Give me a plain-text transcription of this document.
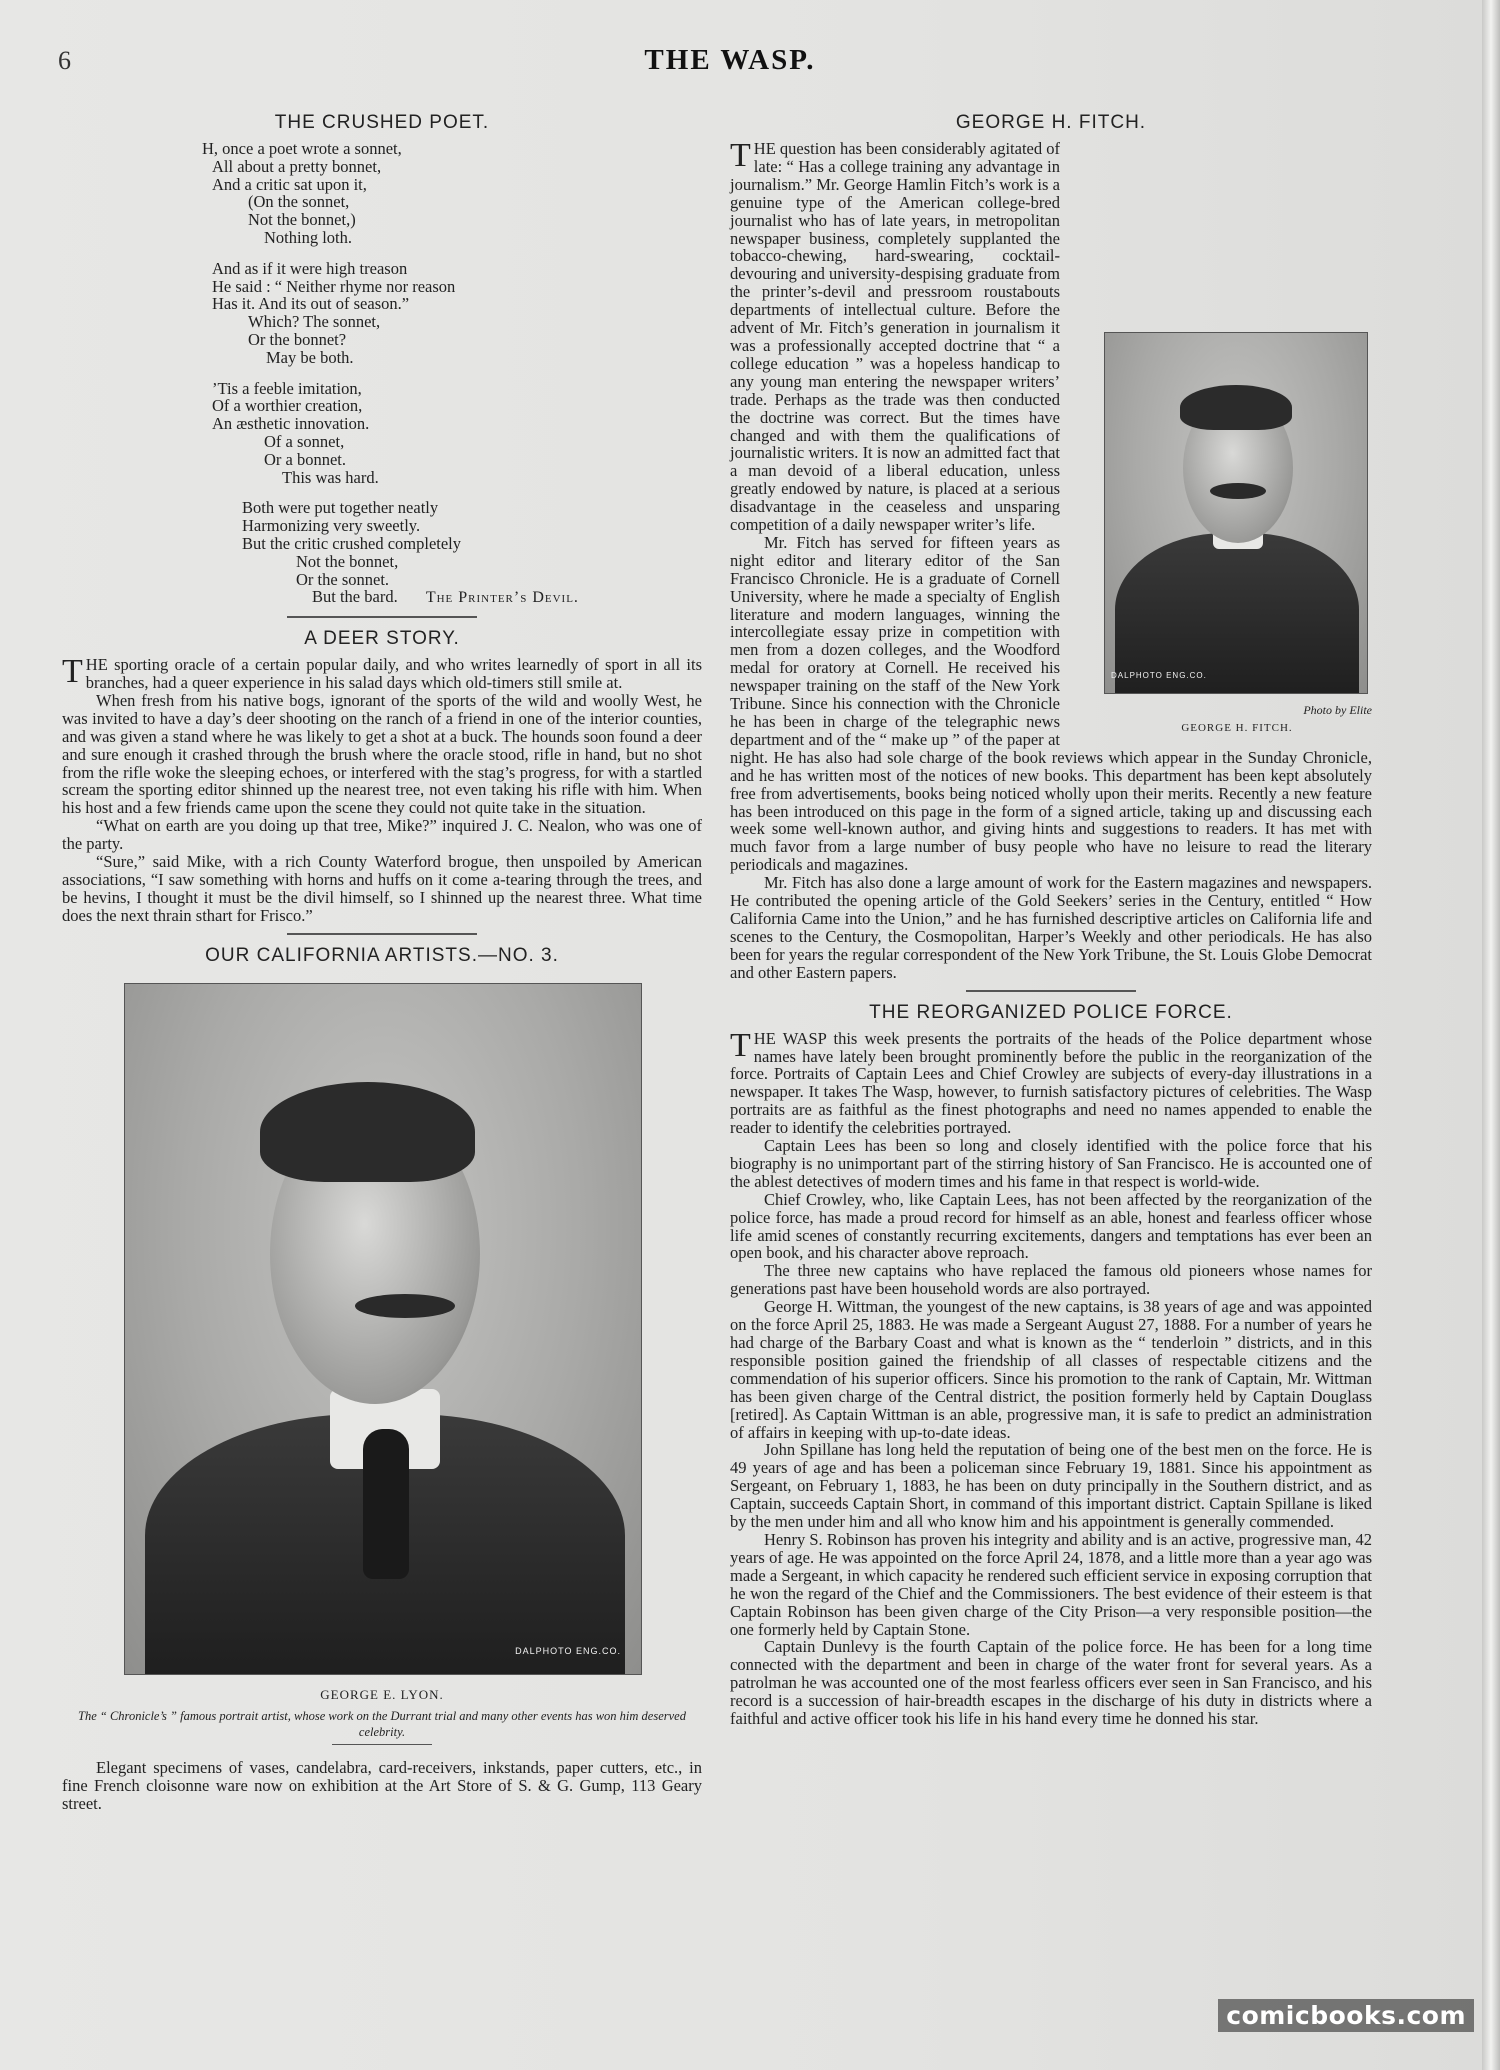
6	THE WASP.
THE CRUSHED POET.
H, once a poet wrote a sonnet,
All about a pretty bonnet,
And a critic sat upon it,
(On the sonnet,
Not the bonnet,)
Nothing loth.
And as if it were high treason
He said : “ Neither rhyme nor reason
Has it. And its out of season.”
Which? The sonnet,
Or the bonnet?
May be both.
’Tis a feeble imitation,
Of a worthier creation,
An æsthetic innovation.
Of a sonnet,
Or a bonnet.
This was hard.
Both were put together neatly
Harmonizing very sweetly.
But the critic crushed completely
Not the bonnet,
Or the sonnet.
But the bard. The Printer’s Devil.
A DEER STORY.

THE sporting oracle of a certain popular daily, and who writes learnedly of sport in all its branches, had a queer experience in his salad days which old-timers still smile at.

When fresh from his native bogs, ignorant of the sports of the wild and woolly West, he was invited to have a day’s deer shooting on the ranch of a friend in one of the interior counties, and was given a stand where he was likely to get a shot at a buck. The hounds soon found a deer and sure enough it crashed through the brush where the oracle stood, rifle in hand, but no shot from the rifle woke the sleeping echoes, or interfered with the stag’s progress, for with a startled scream the sporting editor shinned up the nearest tree, not even taking his rifle with him. When his host and a few friends came upon the scene they could not quite take in the situation.

“What on earth are you doing up that tree, Mike?” inquired J. C. Nealon, who was one of the party.

“Sure,” said Mike, with a rich County Waterford brogue, then unspoiled by American associations, “I saw something with horns and huffs on it come a-tearing through the trees, and be hevins, I thought it must be the divil himself, so I shinned up the nearest three. What time does the next thrain sthart for Frisco.”

OUR CALIFORNIA ARTISTS.—NO. 3.
DALPHOTO ENG.CO.
GEORGE E. LYON.
The “ Chronicle’s ” famous portrait artist, whose work on the Durrant trial and many other events has won him deserved celebrity.

Elegant specimens of vases, candelabra, card-receivers, inkstands, paper cutters, etc., in fine French cloisonne ware now on exhibition at the Art Store of S. & G. Gump, 113 Geary street.

GEORGE H. FITCH.
DALPHOTO ENG.CO.
Photo by Elite
GEORGE H. FITCH.

THE question has been considerably agitated of late: “ Has a college training any advantage in journalism.” Mr. George Hamlin Fitch’s work is a genuine type of the American college-bred journalist who has of late years, in metropolitan newspaper business, completely supplanted the tobacco-chewing, hard-swearing, cocktail-devouring and university-despising graduate from the printer’s-devil and pressroom roustabouts departments of intellectual culture. Before the advent of Mr. Fitch’s generation in journalism it was a professionally accepted doctrine that “ a college education ” was a hopeless handicap to any young man entering the newspaper writers’ trade. Perhaps as the trade was then conducted the doctrine was correct. But the times have changed and with them the qualifications of journalistic writers. It is now an admitted fact that a man devoid of a liberal education, unless greatly endowed by nature, is placed at a serious disadvantage in the ceaseless and unsparing competition of a daily newspaper writer’s life.

Mr. Fitch has served for fifteen years as night editor and literary editor of the San Francisco Chronicle. He is a graduate of Cornell University, where he made a specialty of English literature and modern languages, winning the intercollegiate essay prize in competition with men from a dozen colleges, and the Woodford medal for oratory at Cornell. He received his newspaper training on the staff of the New York Tribune. Since his connection with the Chronicle he has been in charge of the telegraphic news department and of the “ make up ” of the paper at night. He has also had sole charge of the book reviews which appear in the Sunday Chronicle, and he has written most of the notices of new books. This department has been kept absolutely free from advertisements, books being noticed wholly upon their merits. Recently a new feature has been introduced on this page in the form of a signed article, taking up and discussing each week some well-known author, and giving hints and suggestions to readers. It has met with much favor from a large number of busy people who have no leisure to read the literary periodicals and magazines.

Mr. Fitch has also done a large amount of work for the Eastern magazines and newspapers. He contributed the opening article of the Gold Seekers’ series in the Century, entitled “ How California Came into the Union,” and he has furnished descriptive articles on California life and scenes to the Century, the Cosmopolitan, Harper’s Weekly and other periodicals. He has also been for years the regular correspondent of the New York Tribune, the St. Louis Globe Democrat and other Eastern papers.

THE REORGANIZED POLICE FORCE.

THE WASP this week presents the portraits of the heads of the Police department whose names have lately been brought prominently before the public in the reorganization of the force. Portraits of Captain Lees and Chief Crowley are subjects of every-day illustrations in a newspaper. It takes The Wasp, however, to furnish satisfactory pictures of celebrities. The Wasp portraits are as faithful as the finest photographs and need no names appended to enable the reader to identify the celebrities portrayed.

Captain Lees has been so long and closely identified with the police force that his biography is no unimportant part of the stirring history of San Francisco. He is accounted one of the ablest detectives of modern times and his fame in that respect is world-wide.

Chief Crowley, who, like Captain Lees, has not been affected by the reorganization of the police force, has made a proud record for himself as an able, honest and fearless officer whose life amid scenes of constantly recurring excitements, dangers and temptations has ever been an open book, and his character above reproach.

The three new captains who have replaced the famous old pioneers whose names for generations past have been household words are also portrayed.

George H. Wittman, the youngest of the new captains, is 38 years of age and was appointed on the force April 25, 1883. He was made a Sergeant August 27, 1888. For a number of years he had charge of the Barbary Coast and what is known as the “ tenderloin ” districts, and in this responsible position gained the friendship of all classes of respectable citizens and the commendation of his superior officers. Since his promotion to the rank of Captain, Mr. Wittman has been given charge of the Central district, the position formerly held by Captain Douglass [retired]. As Captain Wittman is an able, progressive man, it is safe to predict an administration of affairs in keeping with up-to-date ideas.

John Spillane has long held the reputation of being one of the best men on the force. He is 49 years of age and has been a policeman since February 19, 1881. Since his appointment as Sergeant, on February 1, 1883, he has been on duty principally in the Southern district, and as Captain, succeeds Captain Short, in command of this important district. Captain Spillane is liked by the men under him and all who know him and his appointment is generally commended.

Henry S. Robinson has proven his integrity and ability and is an active, progressive man, 42 years of age. He was appointed on the force April 24, 1878, and a little more than a year ago was made a Sergeant, in which capacity he rendered such efficient service in exposing corruption that he won the regard of the Chief and the Commissioners. The best evidence of their esteem is that Captain Robinson has been given charge of the City Prison—a very responsible position—the one formerly held by Captain Stone.

Captain Dunlevy is the fourth Captain of the police force. He has been for a long time connected with the department and been in charge of the water front for several years. As a patrolman he was accounted one of the most fearless officers ever seen in San Francisco, and his record is a succession of hair-breadth escapes in the discharge of his duty in districts where a faithful and active officer took his life in his hand every time he donned his star.

comicbooks.com
